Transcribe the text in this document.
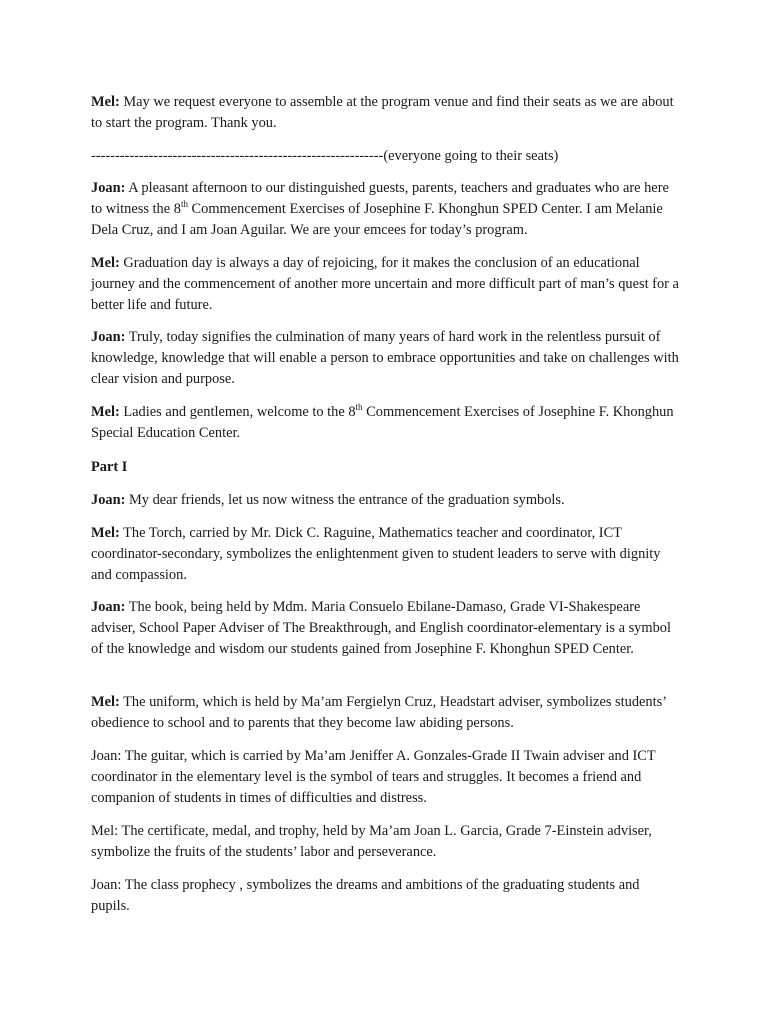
Mel: May we request everyone to assemble at the program venue and find their seats as we are about to start the program. Thank you.

-------------------------------------------------------------(everyone going to their seats)

Joan: A pleasant afternoon to our distinguished guests, parents, teachers and graduates who are here to witness the 8th Commencement Exercises of Josephine F. Khonghun SPED Center. I am Melanie Dela Cruz, and I am Joan Aguilar. We are your emcees for today’s program.

Mel: Graduation day is always a day of rejoicing, for it makes the conclusion of an educational journey and the commencement of another more uncertain and more difficult part of man’s quest for a better life and future.

Joan: Truly, today signifies the culmination of many years of hard work in the relentless pursuit of knowledge, knowledge that will enable a person to embrace opportunities and take on challenges with clear vision and purpose.

Mel: Ladies and gentlemen, welcome to the 8th Commencement Exercises of Josephine F. Khonghun Special Education Center.

Part I

Joan: My dear friends, let us now witness the entrance of the graduation symbols.

Mel: The Torch, carried by Mr. Dick C. Raguine, Mathematics teacher and coordinator, ICT coordinator-secondary, symbolizes the enlightenment given to student leaders to serve with dignity and compassion.

Joan: The book, being held by Mdm. Maria Consuelo Ebilane-Damaso, Grade VI-Shakespeare adviser, School Paper Adviser of The Breakthrough, and English coordinator-elementary is a symbol of the knowledge and wisdom our students gained from Josephine F. Khonghun SPED Center.

Mel: The uniform, which is held by Ma’am Fergielyn Cruz, Headstart adviser, symbolizes students’ obedience to school and to parents that they become law abiding persons.

Joan: The guitar, which is carried by Ma’am Jeniffer A. Gonzales-Grade II Twain adviser and ICT coordinator in the elementary level is the symbol of tears and struggles. It becomes a friend and companion of students in times of difficulties and distress.

Mel: The certificate, medal, and trophy, held by Ma’am Joan L. Garcia, Grade 7-Einstein adviser, symbolize the fruits of the students’ labor and perseverance.

Joan: The class prophecy , symbolizes the dreams and ambitions of the graduating students and pupils.
